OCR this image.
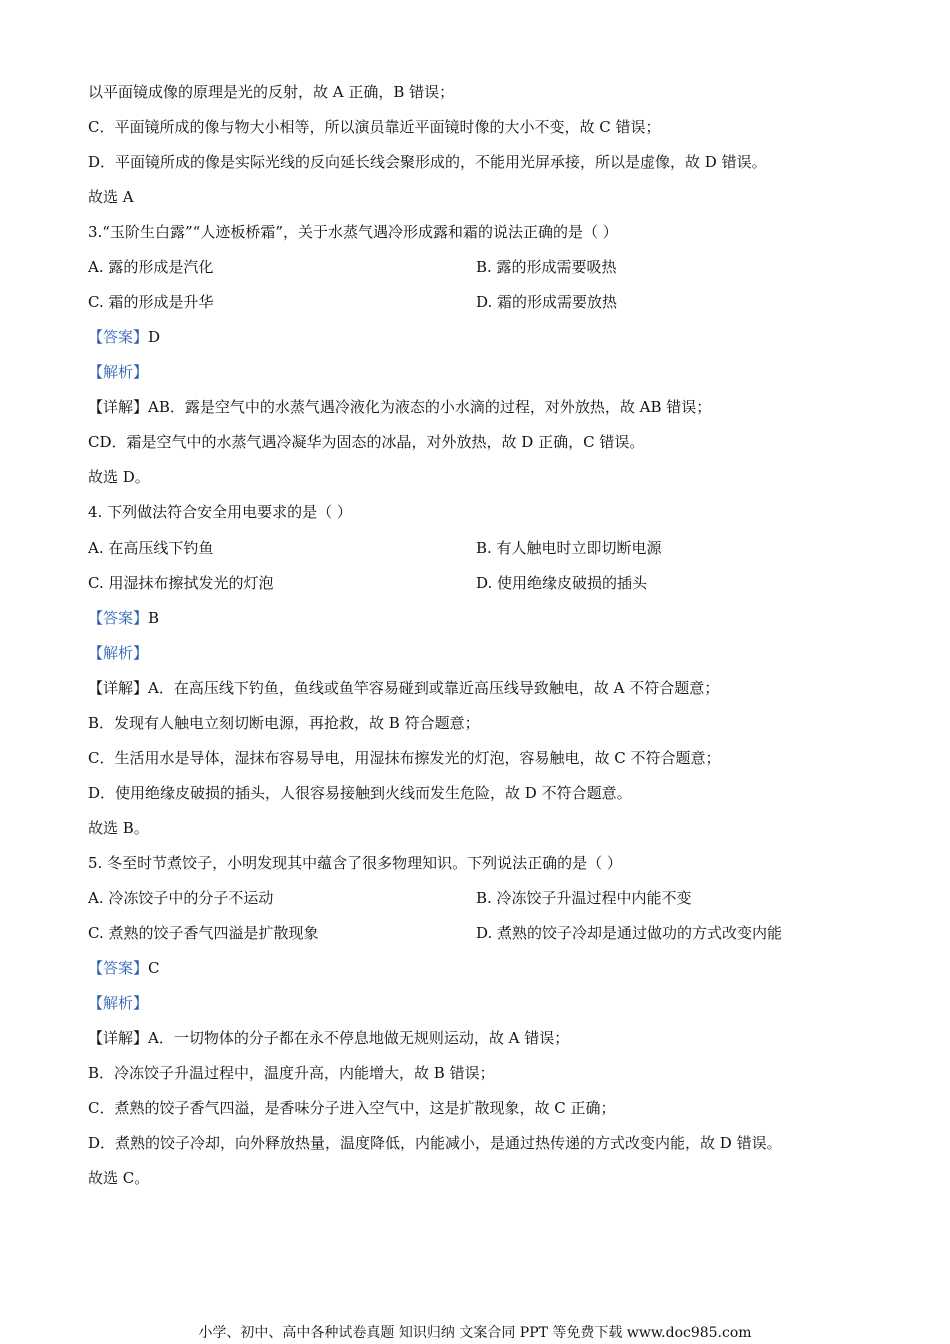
以平面镜成像的原理是光的反射，故 A 正确，B 错误；
C．平面镜所成的像与物大小相等，所以演员靠近平面镜时像的大小不变，故 C 错误；
D．平面镜所成的像是实际光线的反向延长线会聚形成的，不能用光屏承接，所以是虚像，故 D 错误。
故选 A
3.“玉阶生白露”“人迹板桥霜”，关于水蒸气遇冷形成露和霜的说法正确的是（ ）
A. 露的形成是汽化	B. 露的形成需要吸热
C. 霜的形成是升华	D. 霜的形成需要放热
【答案】D
【解析】
【详解】AB．露是空气中的水蒸气遇冷液化为液态的小水滴的过程，对外放热，故 AB 错误；
CD．霜是空气中的水蒸气遇冷凝华为固态的冰晶，对外放热，故 D 正确，C 错误。
故选 D。
4. 下列做法符合安全用电要求的是（ ）
A. 在高压线下钓鱼	B. 有人触电时立即切断电源
C. 用湿抹布擦拭发光的灯泡	D. 使用绝缘皮破损的插头
【答案】B
【解析】
【详解】A．在高压线下钓鱼，鱼线或鱼竿容易碰到或靠近高压线导致触电，故 A 不符合题意；
B．发现有人触电立刻切断电源，再抢救，故 B 符合题意；
C．生活用水是导体，湿抹布容易导电，用湿抹布擦发光的灯泡，容易触电，故 C 不符合题意；
D．使用绝缘皮破损的插头，人很容易接触到火线而发生危险，故 D 不符合题意。
故选 B。
5. 冬至时节煮饺子，小明发现其中蕴含了很多物理知识。下列说法正确的是（ ）
A. 冷冻饺子中的分子不运动	B. 冷冻饺子升温过程中内能不变
C. 煮熟的饺子香气四溢是扩散现象	D. 煮熟的饺子冷却是通过做功的方式改变内能
【答案】C
【解析】
【详解】A．一切物体的分子都在永不停息地做无规则运动，故 A 错误；
B．冷冻饺子升温过程中，温度升高，内能增大，故 B 错误；
C．煮熟的饺子香气四溢，是香味分子进入空气中，这是扩散现象，故 C 正确；
D．煮熟的饺子冷却，向外释放热量，温度降低，内能减小，是通过热传递的方式改变内能，故 D 错误。
故选 C。
小学、初中、高中各种试卷真题 知识归纳 文案合同 PPT 等免费下载 www.doc985.com
